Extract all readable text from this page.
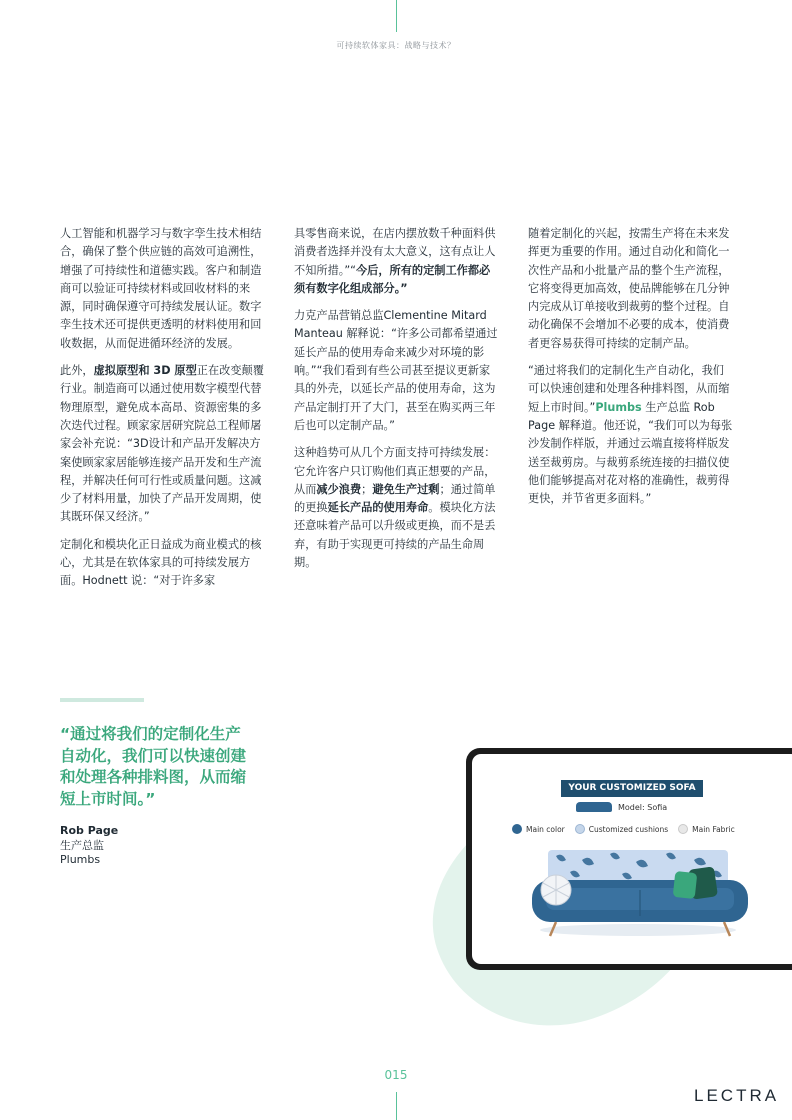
可持续软体家具：战略与技术？

人工智能和机器学习与数字孪生技术相结合，确保了整个供应链的高效可追溯性，增强了可持续性和道德实践。客户和制造商可以验证可持续材料或回收材料的来源，同时确保遵守可持续发展认证。数字孪生技术还可提供更透明的材料使用和回收数据，从而促进循环经济的发展。

此外，虚拟原型和 3D 原型正在改变颠覆行业。制造商可以通过使用数字模型代替物理原型，避免成本高昂、资源密集的多次迭代过程。顾家家居研究院总工程师屠家会补充说：“3D设计和产品开发解决方案使顾家家居能够连接产品开发和生产流程，并解决任何可行性或质量问题。这减少了材料用量，加快了产品开发周期，使其既环保又经济。”

定制化和模块化正日益成为商业模式的核心，尤其是在软体家具的可持续发展方面。Hodnett 说：“对于许多家

具零售商来说，在店内摆放数千种面料供消费者选择并没有太大意义，这有点让人不知所措。”“今后，所有的定制工作都必须有数字化组成部分。”

力克产品营销总监Clementine Mitard Manteau 解释说：“许多公司都希望通过延长产品的使用寿命来减少对环境的影响。”“我们看到有些公司甚至提议更新家具的外壳，以延长产品的使用寿命，这为产品定制打开了大门，甚至在购买两三年后也可以定制产品。”

这种趋势可从几个方面支持可持续发展：它允许客户只订购他们真正想要的产品，从而减少浪费；避免生产过剩；通过简单的更换延长产品的使用寿命。模块化方法还意味着产品可以升级或更换，而不是丢弃，有助于实现更可持续的产品生命周期。

随着定制化的兴起，按需生产将在未来发挥更为重要的作用。通过自动化和简化一次性产品和小批量产品的整个生产流程，它将变得更加高效，使品牌能够在几分钟内完成从订单接收到裁剪的整个过程。自动化确保不会增加不必要的成本，使消费者更容易获得可持续的定制产品。

“通过将我们的定制化生产自动化，我们可以快速创建和处理各种排料图，从而缩短上市时间。”Plumbs 生产总监 Rob Page 解释道。他还说，“我们可以为每张沙发制作样版，并通过云端直接将样版发送至裁剪房。与裁剪系统连接的扫描仪使他们能够提高对花对格的准确性，裁剪得更快，并节省更多面料。”

“通过将我们的定制化生产自动化，我们可以快速创建和处理各种排料图，从而缩短上市时间。”
Rob Page
生产总监
Plumbs
YOUR CUSTOMIZED SOFA
Model: Sofia
Main color	Customized cushions	Main Fabric
015
LECTRA
